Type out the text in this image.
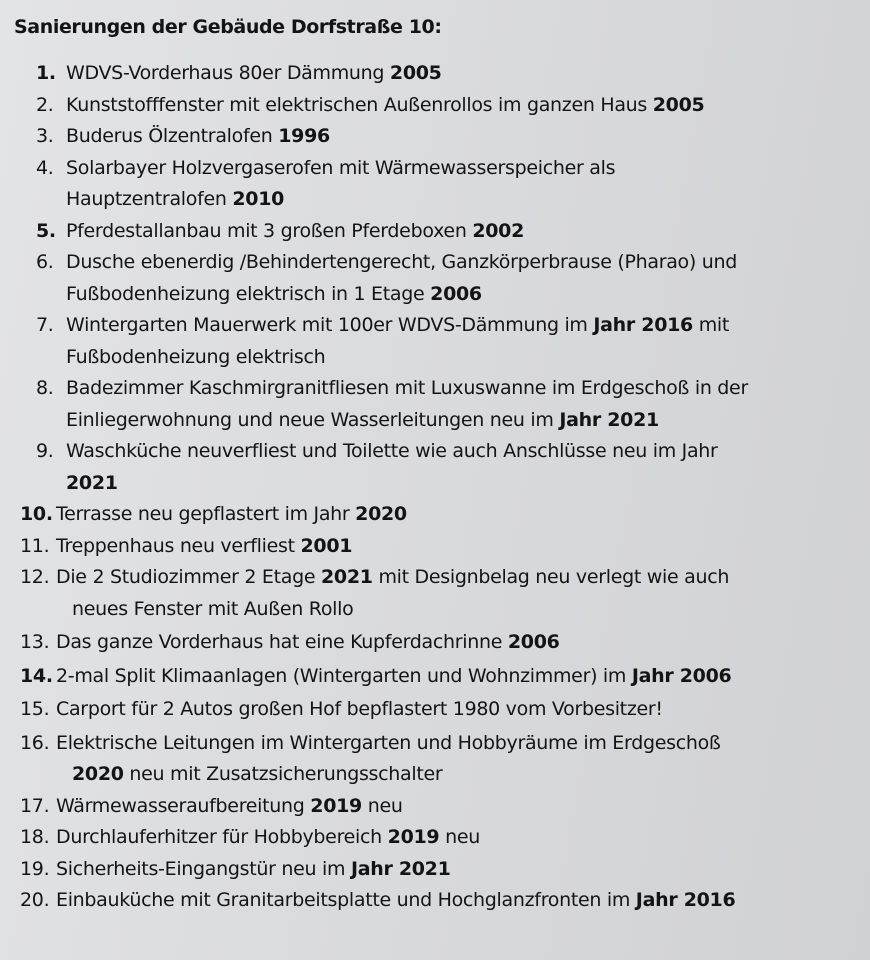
Sanierungen der Gebäude Dorfstraße 10:
1. WDVS-Vorderhaus 80er Dämmung 2005
2. Kunststofffenster mit elektrischen Außenrollos im ganzen Haus 2005
3. Buderus Ölzentralofen 1996
4. Solarbayer Holzvergaserofen mit Wärmewasserspeicher als
Hauptzentralofen 2010
5. Pferdestallanbau mit 3 großen Pferdeboxen 2002
6. Dusche ebenerdig /Behindertengerecht, Ganzkörperbrause (Pharao) und
Fußbodenheizung elektrisch in 1 Etage 2006
7. Wintergarten Mauerwerk mit 100er WDVS-Dämmung im Jahr 2016 mit
Fußbodenheizung elektrisch
8. Badezimmer Kaschmirgranitfliesen mit Luxuswanne im Erdgeschoß in der
Einliegerwohnung und neue Wasserleitungen neu im Jahr 2021
9. Waschküche neuverfliest und Toilette wie auch Anschlüsse neu im Jahr
2021
10. Terrasse neu gepflastert im Jahr 2020
11. Treppenhaus neu verfliest 2001
12. Die 2 Studiozimmer 2 Etage 2021 mit Designbelag neu verlegt wie auch
neues Fenster mit Außen Rollo
13. Das ganze Vorderhaus hat eine Kupferdachrinne 2006
14. 2-mal Split Klimaanlagen (Wintergarten und Wohnzimmer) im Jahr 2006
15. Carport für 2 Autos großen Hof bepflastert 1980 vom Vorbesitzer!
16. Elektrische Leitungen im Wintergarten und Hobbyräume im Erdgeschoß
2020 neu mit Zusatzsicherungsschalter
17. Wärmewasseraufbereitung 2019 neu
18. Durchlauferhitzer für Hobbybereich 2019 neu
19. Sicherheits-Eingangstür neu im Jahr 2021
20. Einbauküche mit Granitarbeitsplatte und Hochglanzfronten im Jahr 2016
